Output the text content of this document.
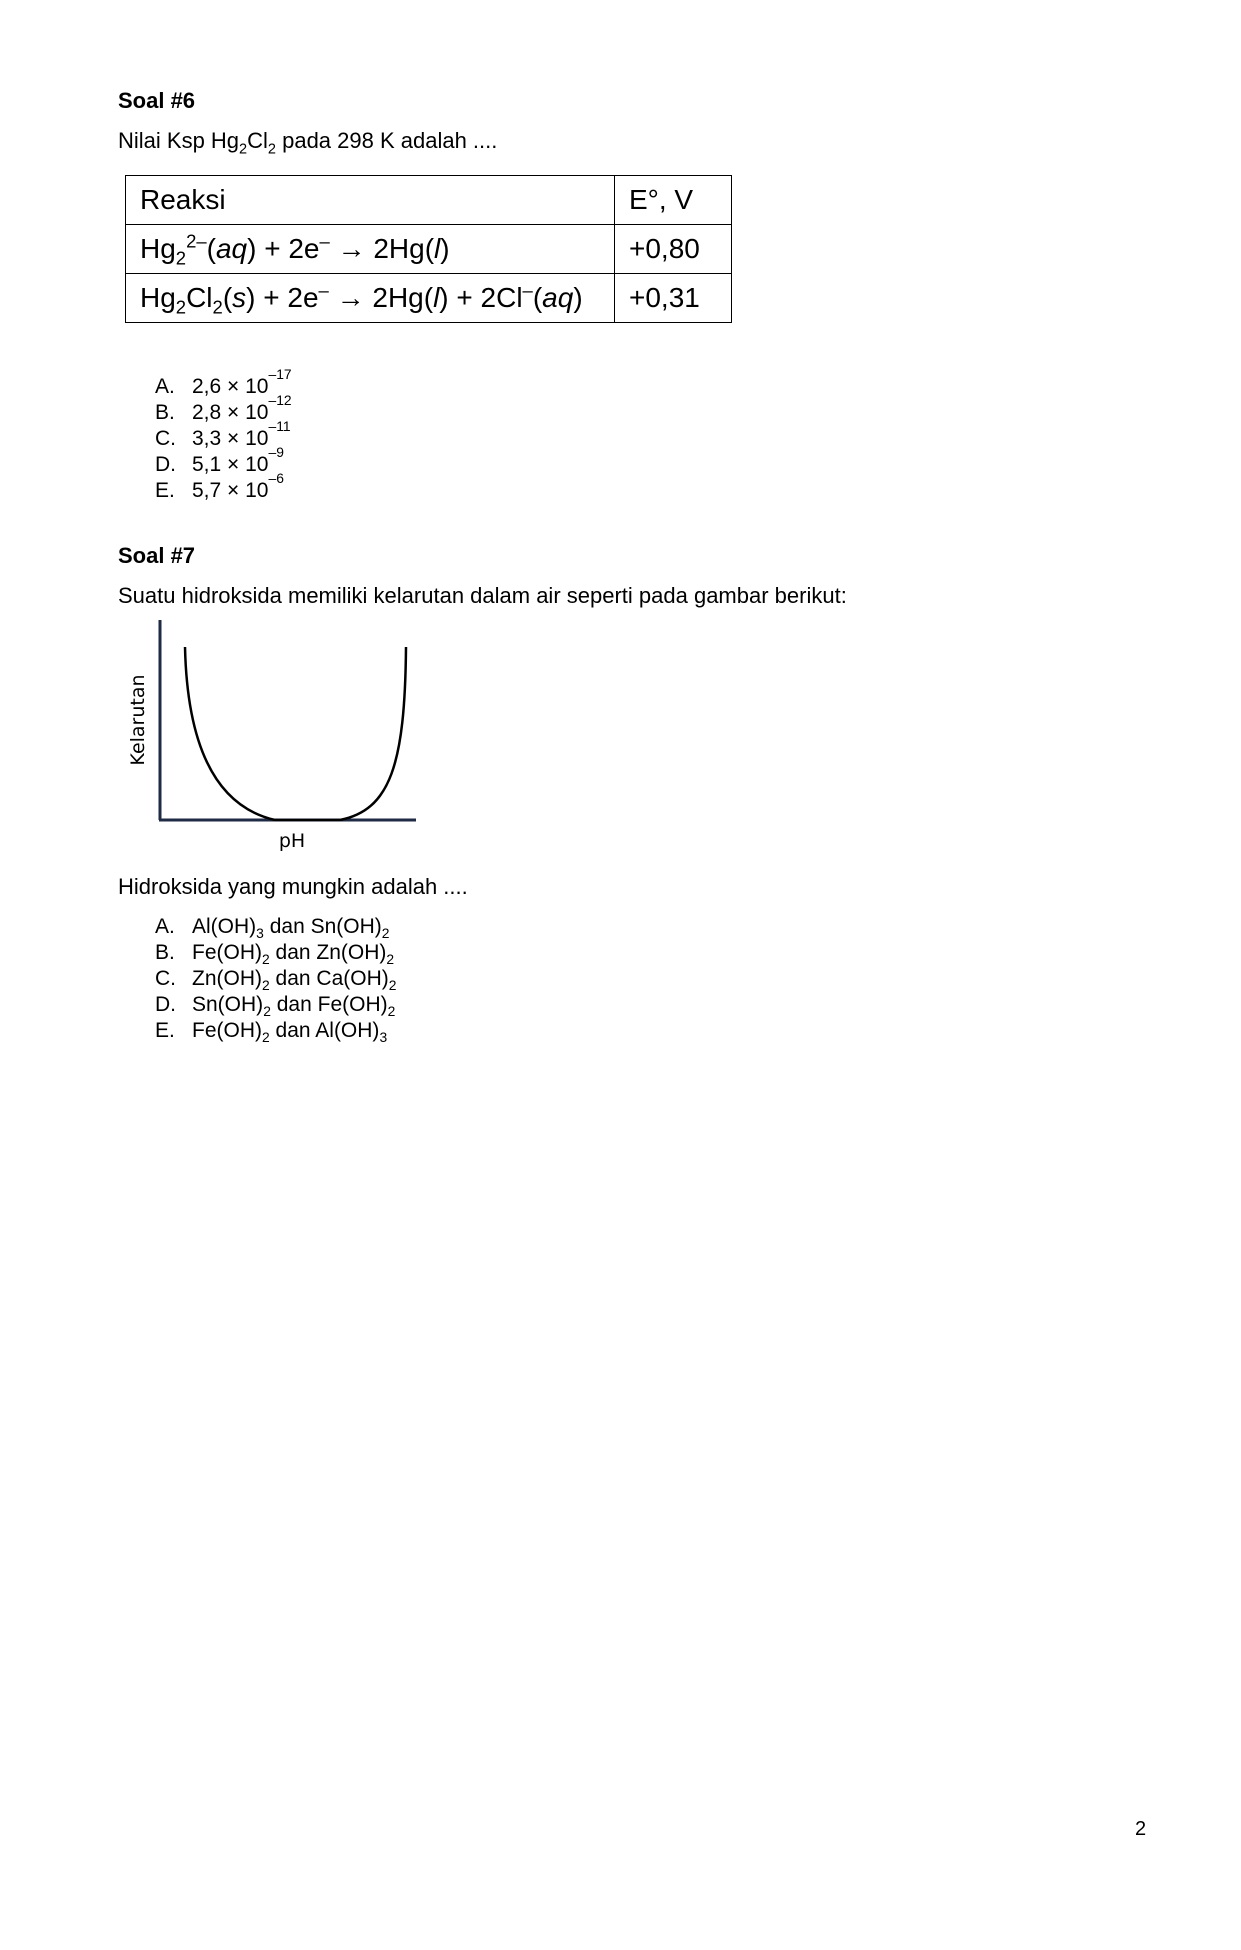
Soal #6
Nilai Ksp $Hg_2Cl_2$ pada 298 K adalah ....
Reaksi	E°, V
$Hg_2^{2-}(aq) + 2e^- \to 2Hg(l)$	+0,80
$Hg_2Cl_2(s) + 2e^- \to 2Hg(l) + 2Cl^-(aq)$	+0,31
A. 2,6 × 10
–17
B. 2,8 × 10
–12
C. 3,3 × 10
–11
D. 5,1 × 10
–9
E. 5,7 × 10
–6
Soal #7
Suatu hidroksida memiliki kelarutan dalam air seperti pada gambar berikut:
Kelarutan
pH
Hidroksida yang mungkin adalah ....
A. $Al(OH)_3$ dan $Sn(OH)_2$
B. $Fe(OH)_2$ dan $Zn(OH)_2$
C. $Zn(OH)_2$ dan $Ca(OH)_2$
D. $Sn(OH)_2$ dan $Fe(OH)_2$
E. $Fe(OH)_2$ dan $Al(OH)_3$
2
